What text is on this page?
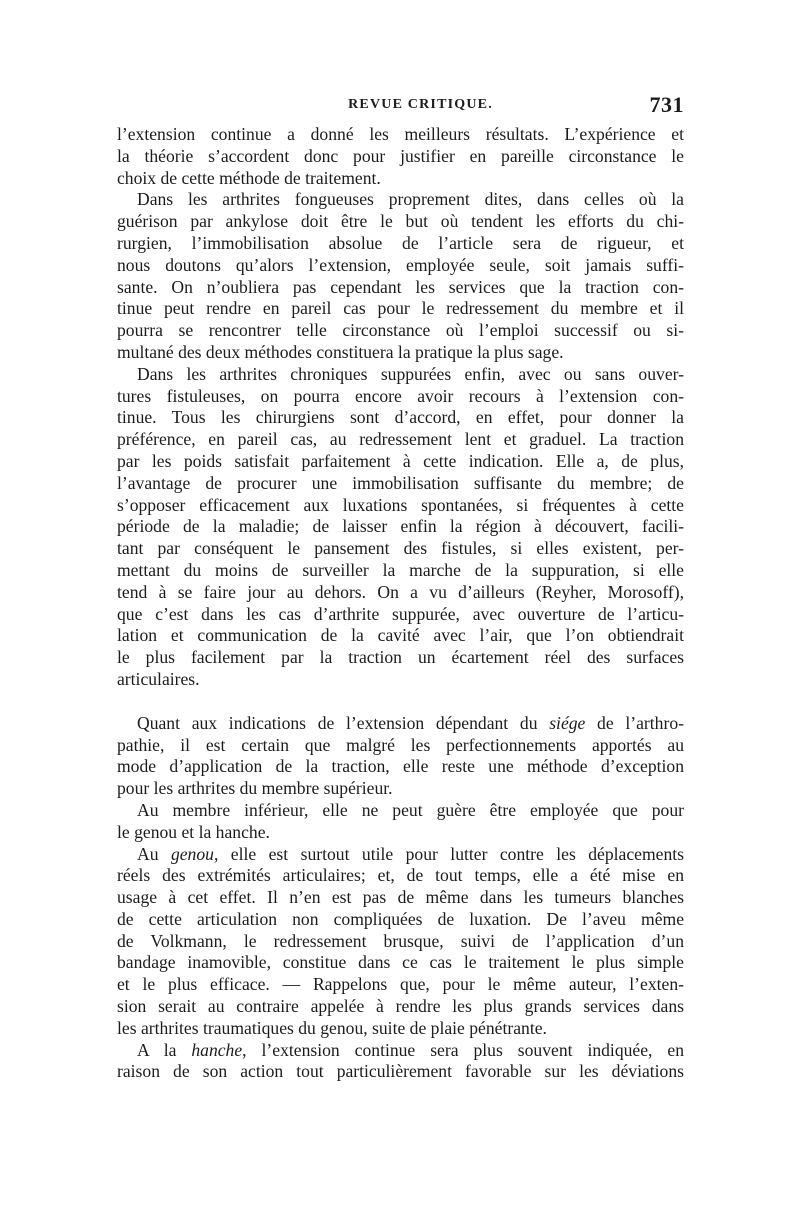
REVUE CRITIQUE.	731

l’extension continue a donné les meilleurs résultats. L’expérience et
la théorie s’accordent donc pour justifier en pareille circonstance le
choix de cette méthode de traitement.

Dans les arthrites fongueuses proprement dites, dans celles où la
guérison par ankylose doit être le but où tendent les efforts du chi-
rurgien, l’immobilisation absolue de l’article sera de rigueur, et
nous doutons qu’alors l’extension, employée seule, soit jamais suffi-
sante. On n’oubliera pas cependant les services que la traction con-
tinue peut rendre en pareil cas pour le redressement du membre et il
pourra se rencontrer telle circonstance où l’emploi successif ou si-
multané des deux méthodes constituera la pratique la plus sage.

Dans les arthrites chroniques suppurées enfin, avec ou sans ouver-
tures fistuleuses, on pourra encore avoir recours à l’extension con-
tinue. Tous les chirurgiens sont d’accord, en effet, pour donner la
préférence, en pareil cas, au redressement lent et graduel. La traction
par les poids satisfait parfaitement à cette indication. Elle a, de plus,
l’avantage de procurer une immobilisation suffisante du membre; de
s’opposer efficacement aux luxations spontanées, si fréquentes à cette
période de la maladie; de laisser enfin la région à découvert, facili-
tant par conséquent le pansement des fistules, si elles existent, per-
mettant du moins de surveiller la marche de la suppuration, si elle
tend à se faire jour au dehors. On a vu d’ailleurs (Reyher, Morosoff),
que c’est dans les cas d’arthrite suppurée, avec ouverture de l’articu-
lation et communication de la cavité avec l’air, que l’on obtiendrait
le plus facilement par la traction un écartement réel des surfaces
articulaires.

Quant aux indications de l’extension dépendant du siége de l’arthro-
pathie, il est certain que malgré les perfectionnements apportés au
mode d’application de la traction, elle reste une méthode d’exception
pour les arthrites du membre supérieur.

Au membre inférieur, elle ne peut guère être employée que pour
le genou et la hanche.

Au genou, elle est surtout utile pour lutter contre les déplacements
réels des extrémités articulaires; et, de tout temps, elle a été mise en
usage à cet effet. Il n’en est pas de même dans les tumeurs blanches
de cette articulation non compliquées de luxation. De l’aveu même
de Volkmann, le redressement brusque, suivi de l’application d’un
bandage inamovible, constitue dans ce cas le traitement le plus simple
et le plus efficace. — Rappelons que, pour le même auteur, l’exten-
sion serait au contraire appelée à rendre les plus grands services dans
les arthrites traumatiques du genou, suite de plaie pénétrante.

A la hanche, l’extension continue sera plus souvent indiquée, en
raison de son action tout particulièrement favorable sur les déviations
